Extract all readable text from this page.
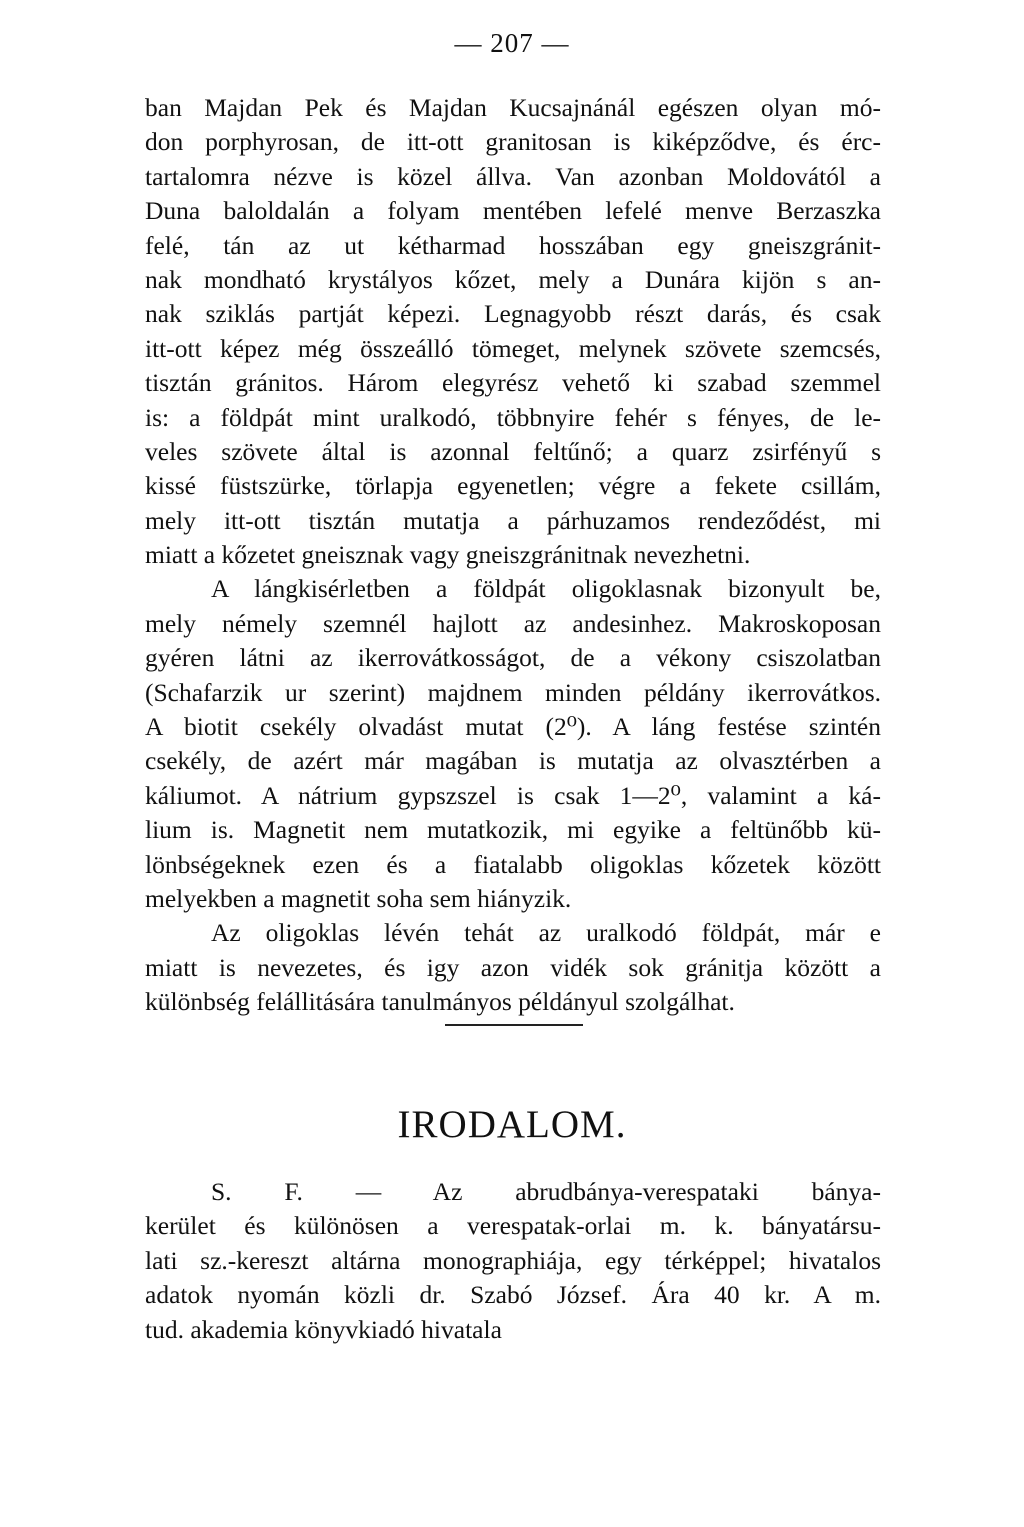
— 207 —
ban Majdan Pek és Majdan Kucsajnánál egészen olyan mó-
don porphyrosan, de itt-ott granitosan is kiképződve, és érc-
tartalomra nézve is közel állva. Van azonban Moldovától a
Duna baloldalán a folyam mentében lefelé menve Berzaszka
felé, tán az ut kétharmad hosszában egy gneiszgránit-
nak mondható krystályos kőzet, mely a Dunára kijön s an-
nak sziklás partját képezi. Legnagyobb részt darás, és csak
itt-ott képez még összeálló tömeget, melynek szövete szemcsés,
tisztán gránitos. Három elegyrész vehető ki szabad szemmel
is: a földpát mint uralkodó, többnyire fehér s fényes, de le-
veles szövete által is azonnal feltűnő; a quarz zsirfényű s
kissé füstszürke, törlapja egyenetlen; végre a fekete csillám,
mely itt-ott tisztán mutatja a párhuzamos rendeződést, mi
miatt a kőzetet gneisznak vagy gneiszgránitnak nevezhetni.
A lángkisérletben a földpát oligoklasnak bizonyult be,
mely némely szemnél hajlott az andesinhez. Makroskoposan
gyéren látni az ikerrovátkosságot, de a vékony csiszolatban
(Schafarzik ur szerint) majdnem minden példány ikerrovátkos.
A biotit csekély olvadást mutat (2⁰). A láng festése szintén
csekély, de azért már magában is mutatja az olvasztérben a
káliumot. A nátrium gypszszel is csak 1—2⁰, valamint a ká-
lium is. Magnetit nem mutatkozik, mi egyike a feltünőbb kü-
lönbségeknek ezen és a fiatalabb oligoklas kőzetek között
melyekben a magnetit soha sem hiányzik.
Az oligoklas lévén tehát az uralkodó földpát, már e
miatt is nevezetes, és igy azon vidék sok gránitja között a
különbség felállitására tanulmányos példányul szolgálhat.
IRODALOM.
S. F. — Az abrudbánya-verespataki bánya-
kerület és különösen a verespatak-orlai m. k. bányatársu-
lati sz.-kereszt altárna monographiája, egy térképpel; hivatalos
adatok nyomán közli dr. Szabó József. Ára 40 kr. A m.
tud. akademia könyvkiadó hivatala
